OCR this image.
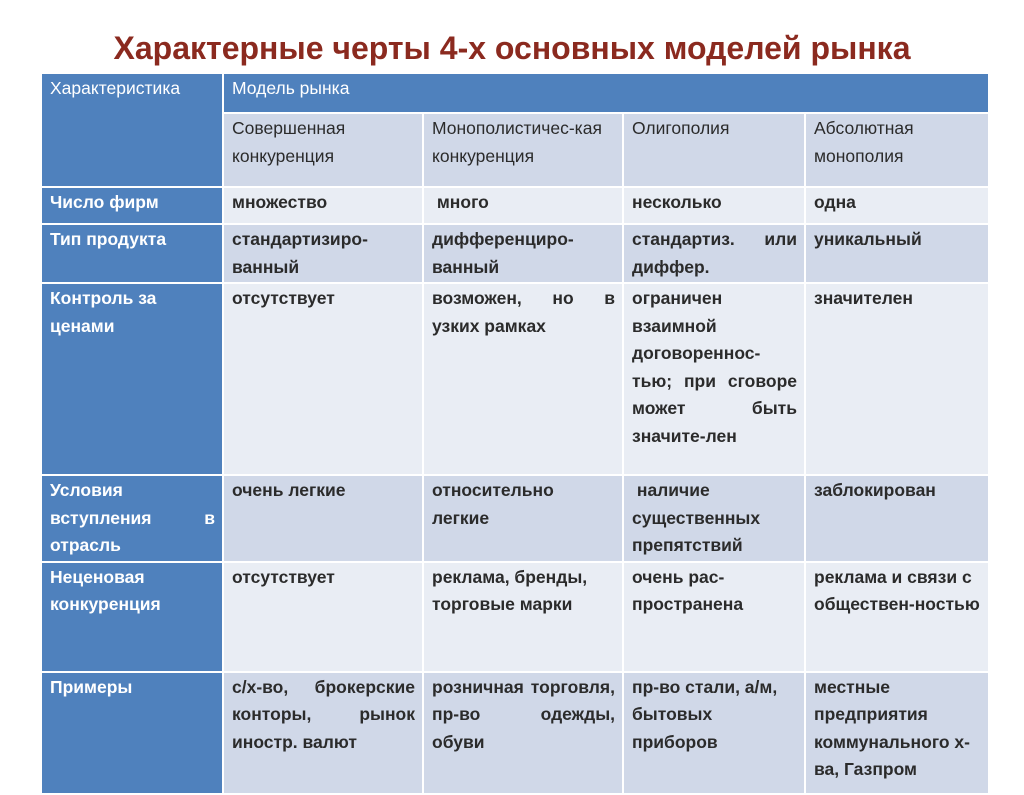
Характерные черты 4-х основных моделей рынка
Характеристика	Модель рынка			
	Совершенная конкуренция	Монополистичес-кая конкуренция	Олигополия	Абсолютная монополия
Число фирм	множество	много	несколько	одна
Тип продукта	стандартизиро-ванный	дифференциро-ванный	стандартиз. или диффер.	уникальный
Контроль за ценами	отсутствует	возможен, но в узких рамках	ограничен взаимной договореннос-тью; при сговоре может быть значите-лен	значителен
Условия вступления в отрасль	очень легкие	относительно легкие	наличие существенных препятствий	заблокирован
Неценовая конкуренция	отсутствует	реклама, бренды, торговые марки	очень рас-пространена	реклама и связи с обществен-ностью
Примеры	с/х-во, брокерские конторы, рынок иностр. валют	розничная торговля, пр-во одежды, обуви	пр-во стали, а/м, бытовых приборов	местные предприятия коммунального х-ва, Газпром
